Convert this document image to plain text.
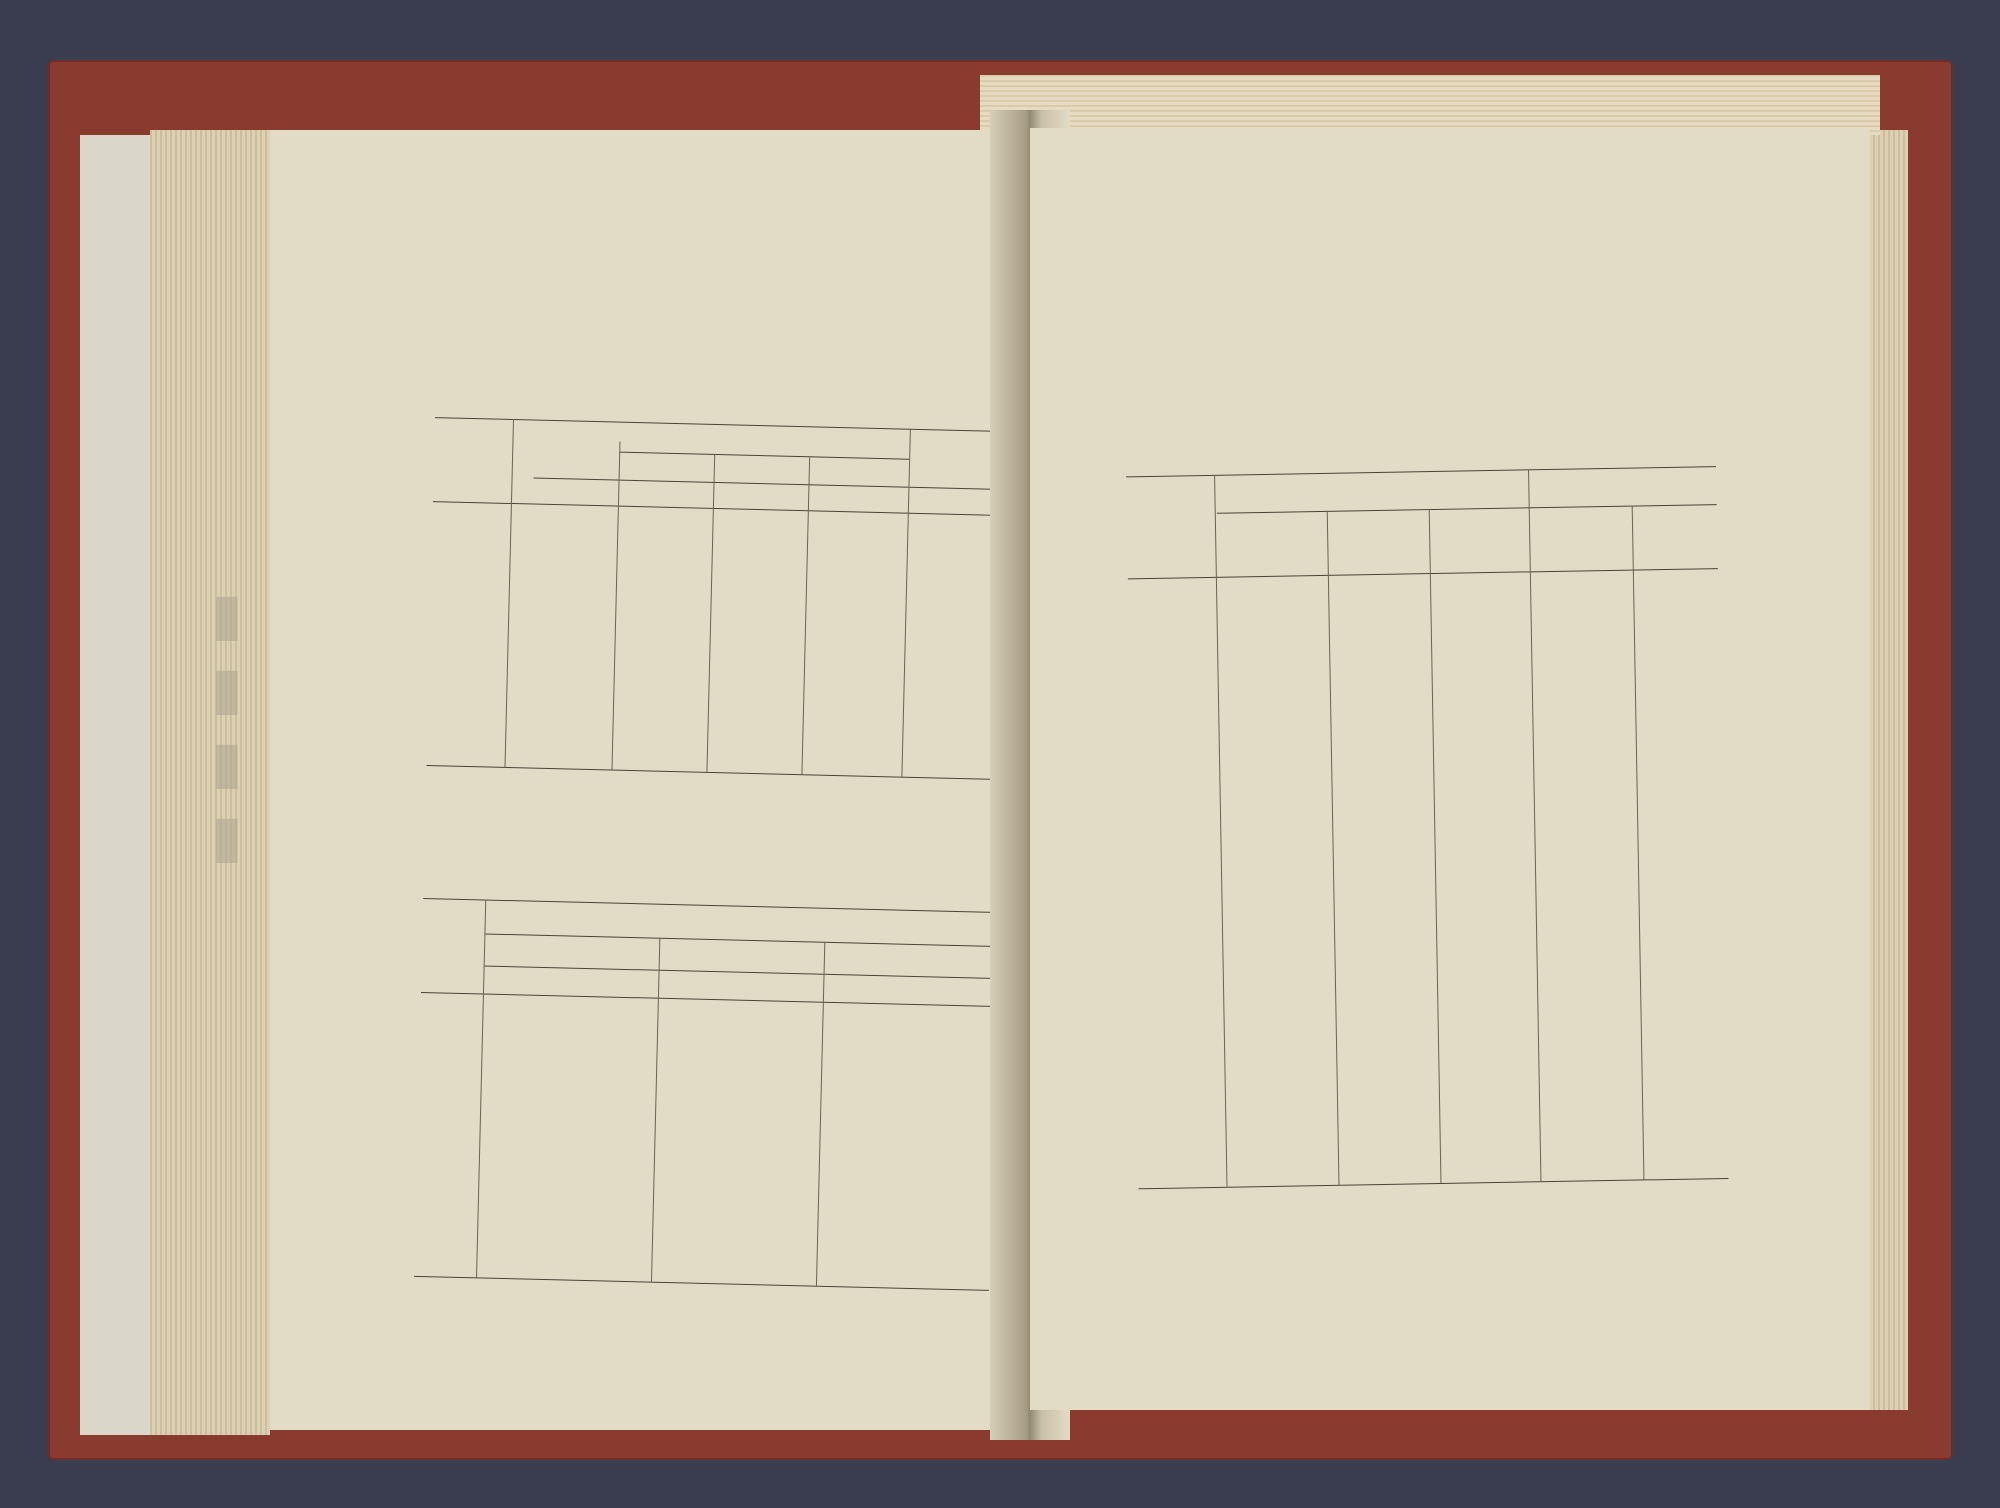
▮▮▮▮
